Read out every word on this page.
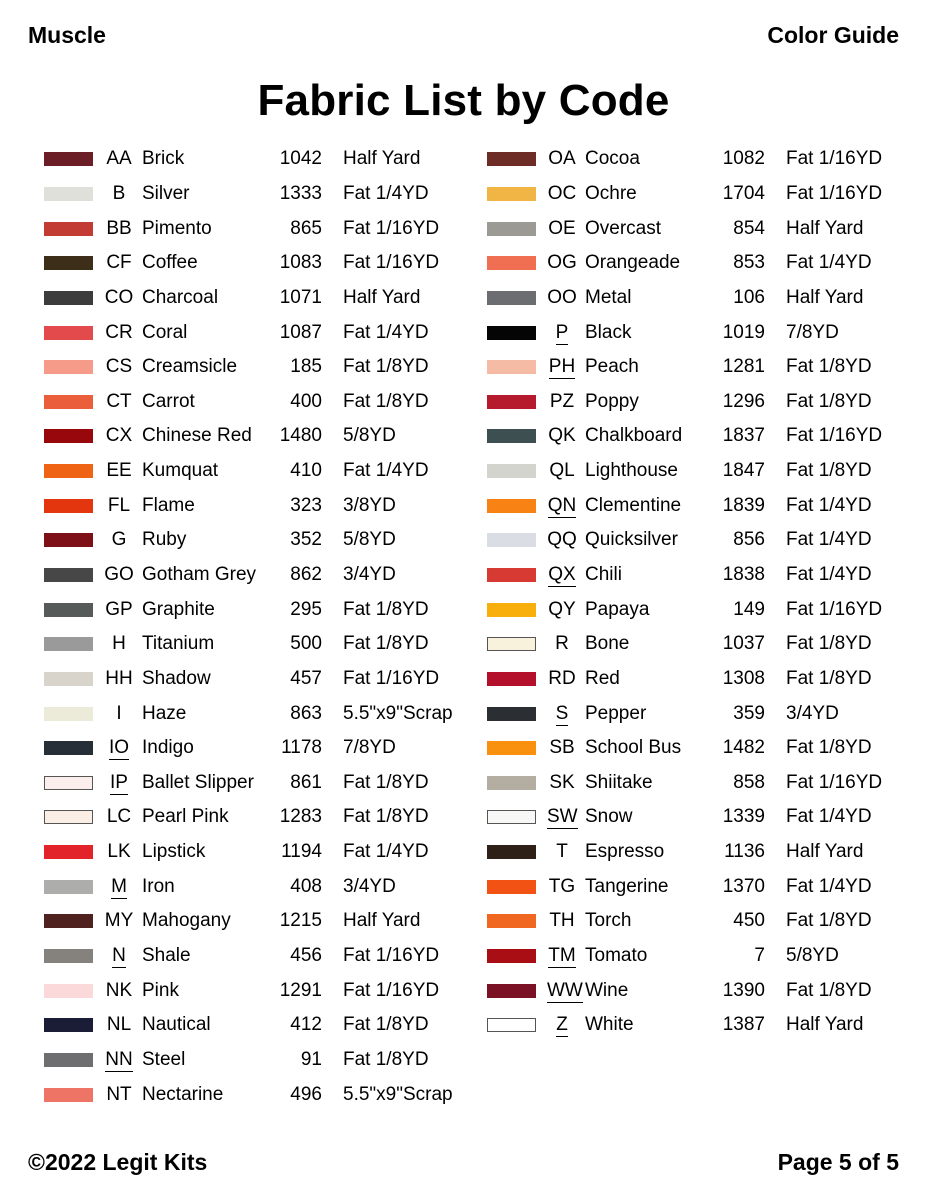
Muscle	Color Guide
Fabric List by Code
AA Brick	1042 Half Yard
B Silver	1333 Fat 1/4YD
BB Pimento	865 Fat 1/16YD
CF Coffee	1083 Fat 1/16YD
CO Charcoal	1071 Half Yard
CR Coral	1087 Fat 1/4YD
CS Creamsicle	185 Fat 1/8YD
CT Carrot	400 Fat 1/8YD
CX Chinese Red	1480 5/8YD
EE Kumquat	410 Fat 1/4YD
FL Flame	323 3/8YD
G Ruby	352 5/8YD
GO Gotham Grey	862 3/4YD
GP Graphite	295 Fat 1/8YD
H Titanium	500 Fat 1/8YD
HH Shadow	457 Fat 1/16YD
I	Haze	863 5.5"x9"Scrap
IO Indigo	1178 7/8YD
IP Ballet Slipper	861 Fat 1/8YD
LC Pearl Pink	1283 Fat 1/8YD
LK Lipstick	1194 Fat 1/4YD
M Iron	408 3/4YD
MY Mahogany	1215 Half Yard
N Shale	456 Fat 1/16YD
NK Pink	1291 Fat 1/16YD
NL Nautical	412 Fat 1/8YD
NN Steel	91 Fat 1/8YD
NT Nectarine	496 5.5"x9"Scrap
OA Cocoa	1082 Fat 1/16YD
OC Ochre	1704 Fat 1/16YD
OE Overcast	854 Half Yard
OG Orangeade	853 Fat 1/4YD
OO Metal	106 Half Yard
P Black	1019 7/8YD
PH Peach	1281 Fat 1/8YD
PZ Poppy	1296 Fat 1/8YD
QK Chalkboard	1837 Fat 1/16YD
QL Lighthouse	1847 Fat 1/8YD
QN Clementine	1839 Fat 1/4YD
QQ Quicksilver	856 Fat 1/4YD
QX Chili	1838 Fat 1/4YD
QY Papaya	149 Fat 1/16YD
R Bone	1037 Fat 1/8YD
RD Red	1308 Fat 1/8YD
S Pepper	359 3/4YD
SB School Bus	1482 Fat 1/8YD
SK Shiitake	858 Fat 1/16YD
SW Snow	1339 Fat 1/4YD
T Espresso	1136 Half Yard
TG Tangerine	1370 Fat 1/4YD
TH Torch	450 Fat 1/8YD
TM Tomato	7 5/8YD
WW Wine	1390 Fat 1/8YD
Z White	1387 Half Yard
©2022 Legit Kits	Page 5 of 5
